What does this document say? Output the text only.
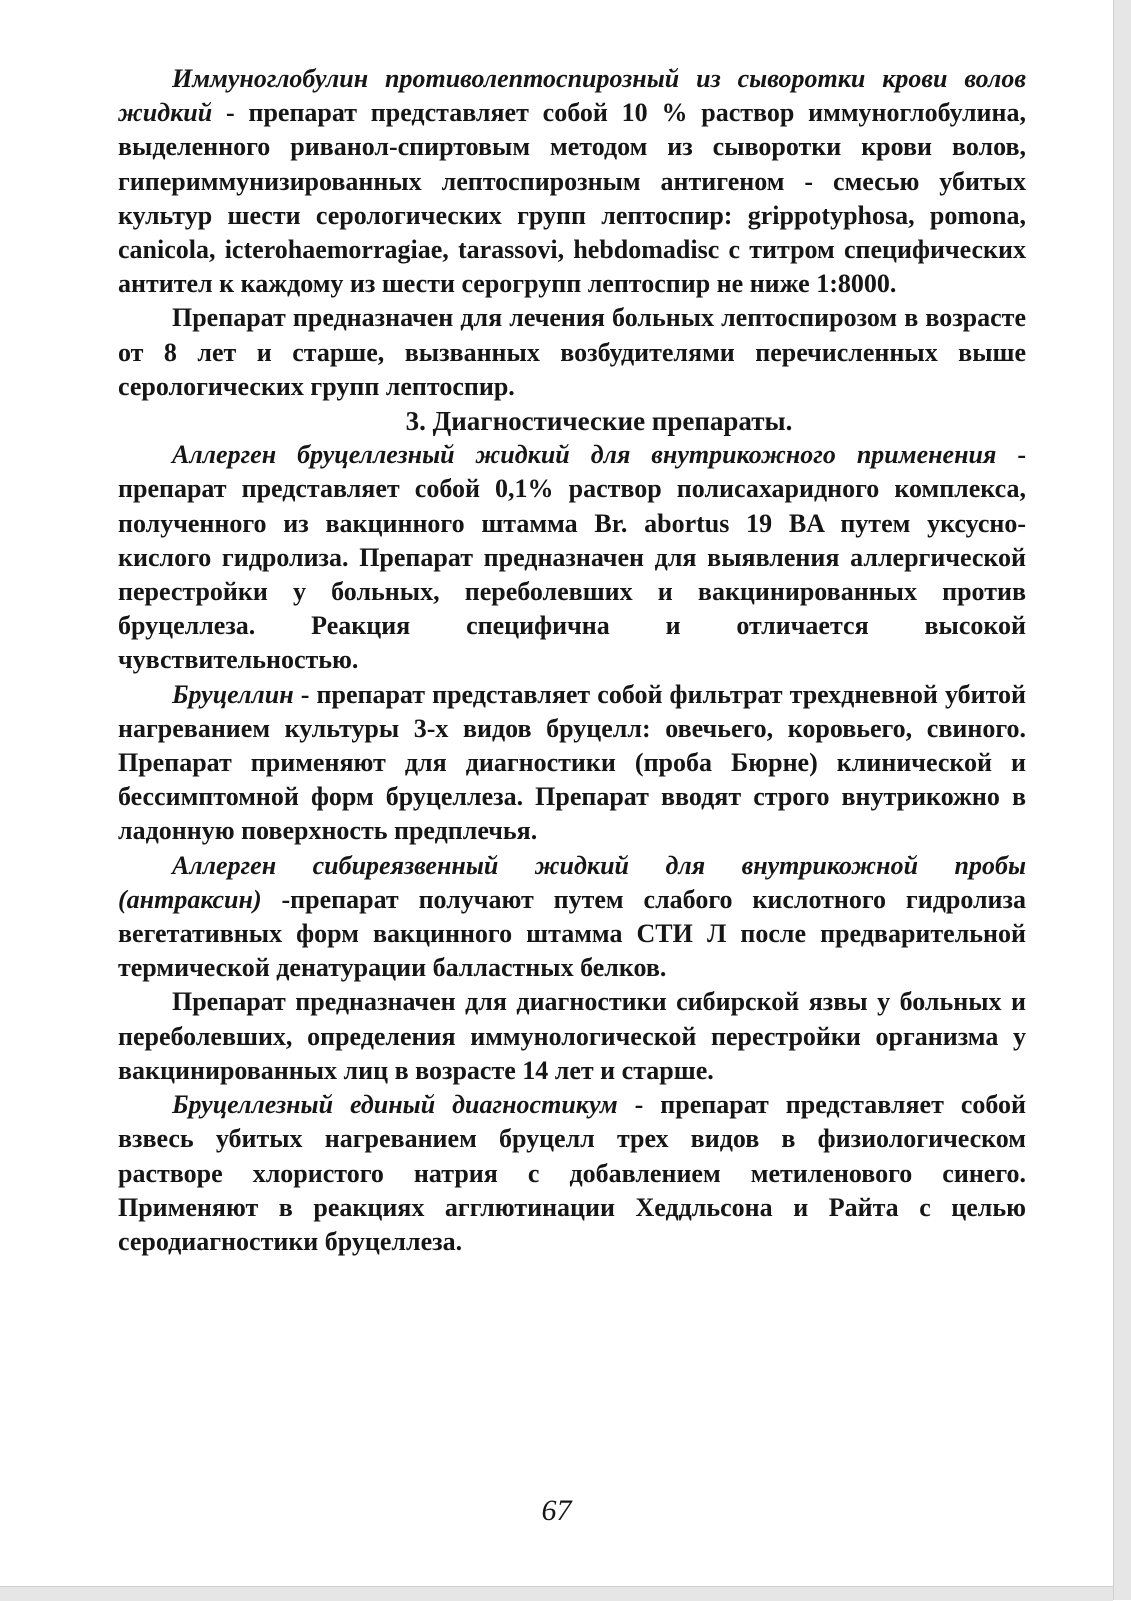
Иммуноглобулин противолептоспирозный из сыворотки крови волов жидкий - препарат представляет собой 10 % раствор иммуноглобулина, выделенного риванол-спиртовым методом из сыворотки крови волов, гипериммунизированных лептоспирозным антигеном - смесью убитых культур шести серологических групп лептоспир: grippotyphosa, pomona, canicola, icterohaemorragiae, tarassovi, hebdomadisc с титром специфических антител к каждому из шести серогрупп лептоспир не ниже 1:8000.

Препарат предназначен для лечения больных лептоспирозом в возрасте от 8 лет и старше, вызванных возбудителями перечисленных выше серологических групп лептоспир.

3. Диагностические препараты.

Аллерген бруцеллезный жидкий для внутрикожного применения - препарат представляет собой 0,1% раствор полисахаридного комплекса, полученного из вакцинного штамма Br. abortus 19 BA путем уксусно-кислого гидролиза. Препарат предназначен для выявления аллергической перестройки у больных, переболевших и вакцинированных против бруцеллеза. Реакция специфична и отличается высокой чувствительностью.

Бруцеллин - препарат представляет собой фильтрат трехдневной убитой нагреванием культуры 3-х видов бруцелл: овечьего, коровьего, свиного. Препарат применяют для диагностики (проба Бюрне) клинической и бессимптомной форм бруцеллеза. Препарат вводят строго внутрикожно в ладонную поверхность предплечья.

Аллерген сибиреязвенный жидкий для внутрикожной пробы (антраксин) -препарат получают путем слабого кислотного гидролиза вегетативных форм вакцинного штамма СТИ Л после предварительной термической денатурации балластных белков.

Препарат предназначен для диагностики сибирской язвы у больных и переболевших, определения иммунологической перестройки организма у вакцинированных лиц в возрасте 14 лет и старше.

Бруцеллезный единый диагностикум - препарат представляет собой взвесь убитых нагреванием бруцелл трех видов в физиологическом растворе хлористого натрия с добавлением метиленового синего. Применяют в реакциях агглютинации Хеддльсона и Райта с целью серодиагностики бруцеллеза.

67
